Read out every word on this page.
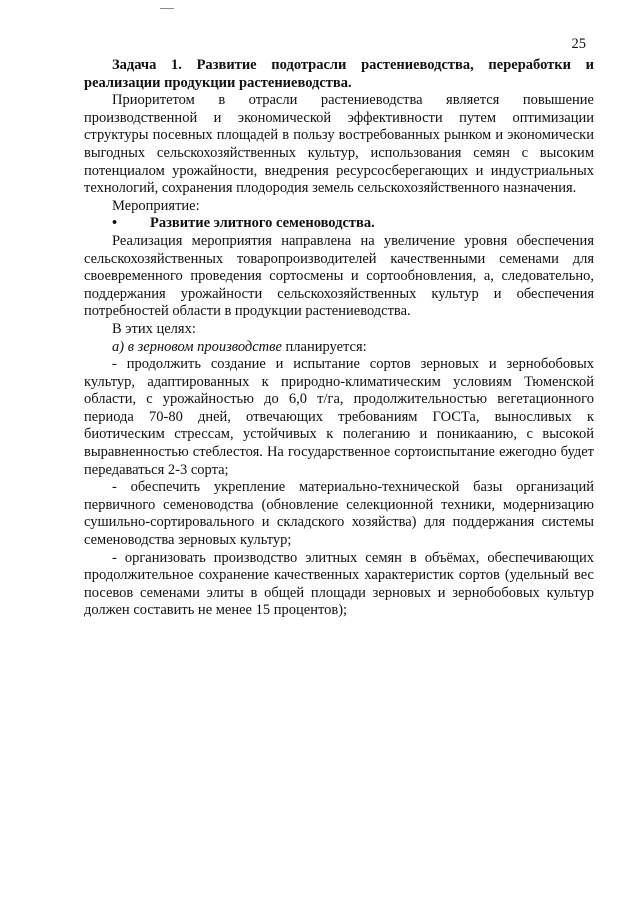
25

Задача 1. Развитие подотрасли растениеводства, переработки и реализации продукции растениеводства.

Приоритетом в отрасли растениеводства является повышение производственной и экономической эффективности путем оптимизации структуры посевных площадей в пользу востребованных рынком и экономически выгодных сельскохозяйственных культур, использования семян с высоким потенциалом урожайности, внедрения ресурсосберегающих и индустриальных технологий, сохранения плодородия земель сельскохозяйственного назначения.

Мероприятие:

• Развитие элитного семеноводства.

Реализация мероприятия направлена на увеличение уровня обеспечения сельскохозяйственных товаропроизводителей качественными семенами для своевременного проведения сортосмены и сортообновления, а, следовательно, поддержания урожайности сельскохозяйственных культур и обеспечения потребностей области в продукции растениеводства.

В этих целях:

а) в зерновом производстве планируется:

- продолжить создание и испытание сортов зерновых и зернобобовых культур, адаптированных к природно-климатическим условиям Тюменской области, с урожайностью до 6,0 т/га, продолжительностью вегетационного периода 70-80 дней, отвечающих требованиям ГОСТа, выносливых к биотическим стрессам, устойчивых к полеганию и поникаанию, с высокой выравненностью стеблестоя. На государственное сортоиспытание ежегодно будет передаваться 2-3 сорта;

- обеспечить укрепление материально-технической базы организаций первичного семеноводства (обновление селекционной техники, модернизацию сушильно-сортировального и складского хозяйства) для поддержания системы семеноводства зерновых культур;

- организовать производство элитных семян в объёмах, обеспечивающих продолжительное сохранение качественных характеристик сортов (удельный вес посевов семенами элиты в общей площади зерновых и зернобобовых культур должен составить не менее 15 процентов);
